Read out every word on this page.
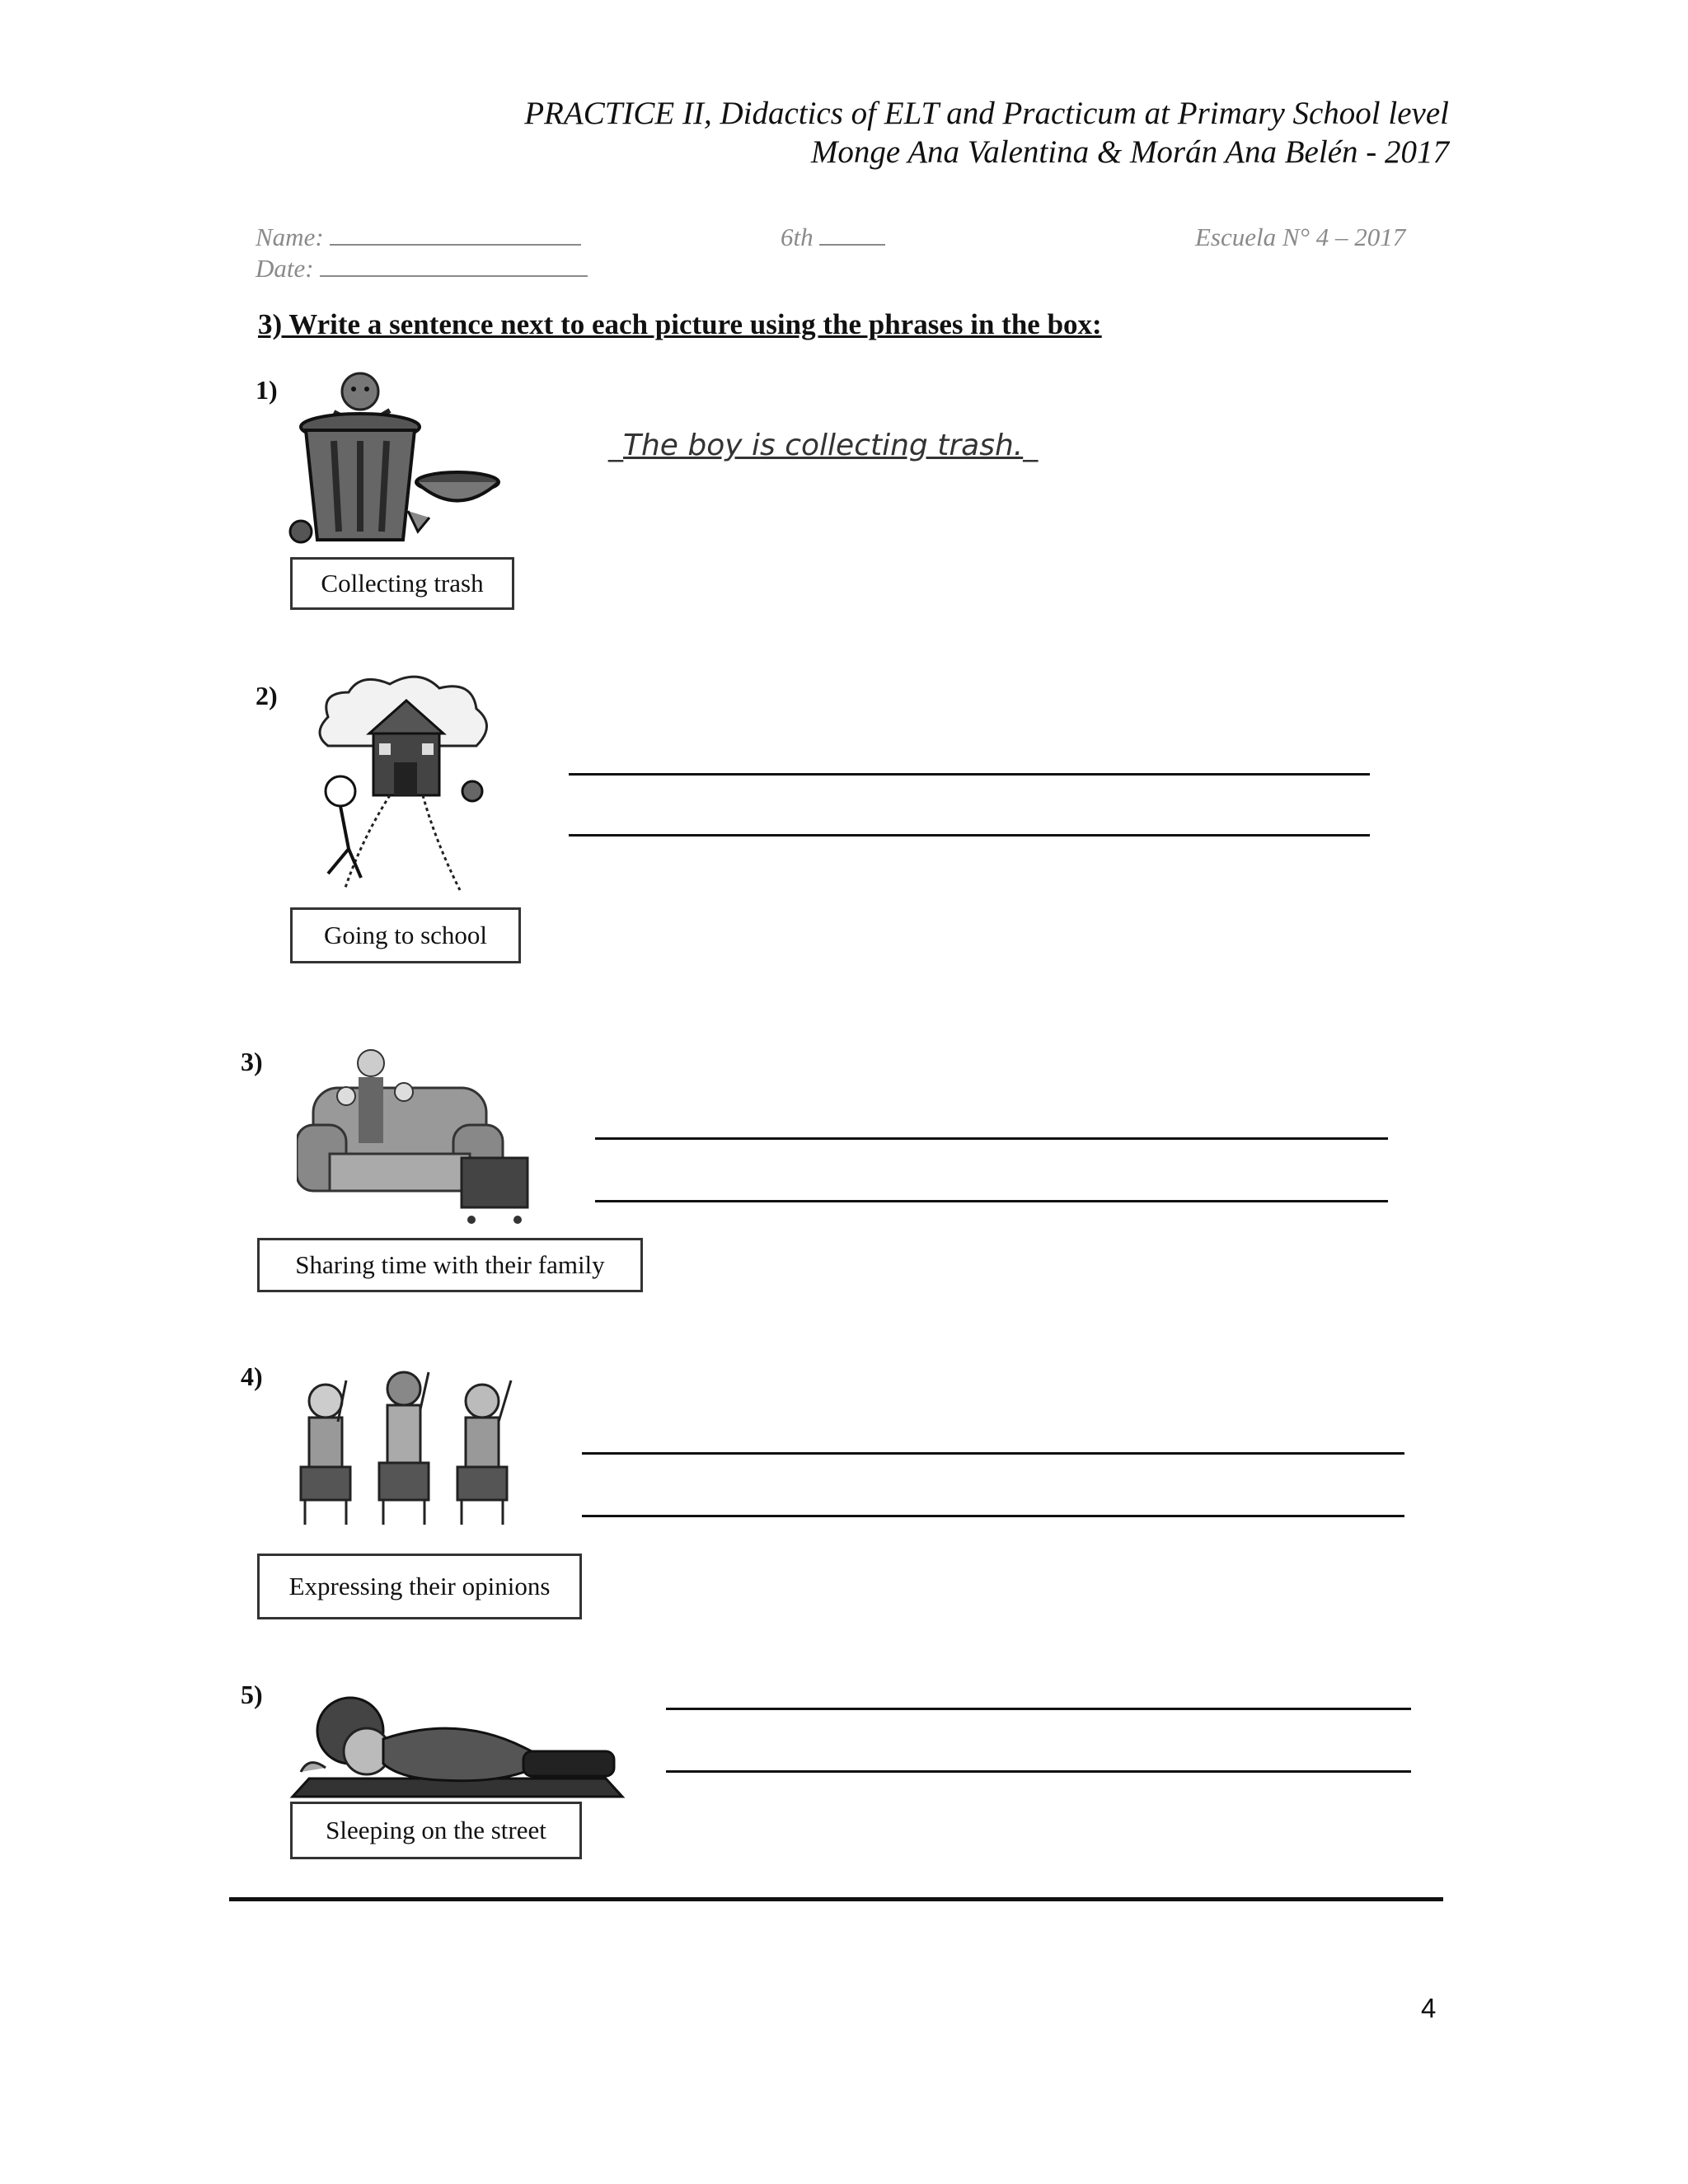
PRACTICE II, Didactics of ELT and Practicum at Primary School level
Monge Ana Valentina & Morán Ana Belén - 2017
Name:
Date:
6th	Escuela N° 4 – 2017
3) Write a sentence next to each picture using the phrases in the box:
1)
Collecting trash
_The boy is collecting trash._
2)
Going to school
3)
Sharing time with their family
4)
Expressing their opinions
5)
Sleeping on the street
4
